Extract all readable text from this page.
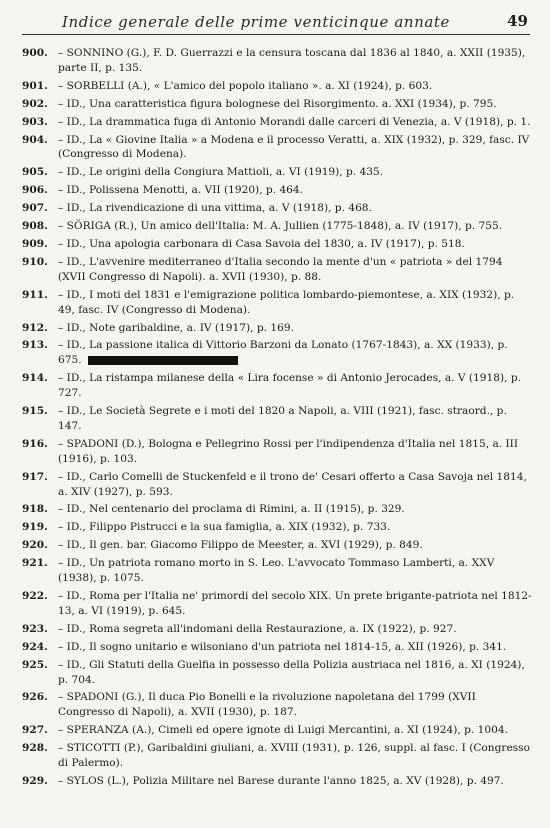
Indice generale delle prime venticinque annate	49
900. – SONNINO (G.), F. D. Guerrazzi e la censura toscana dal 1836 al 1840, a. XXII (1935), parte II, p. 135.
901. – SORBELLI (A.), « L'amico del popolo italiano ». a. XI (1924), p. 603.
902. – ID., Una caratteristica figura bolognese del Risorgimento. a. XXI (1934), p. 795.
903. – ID., La drammatica fuga di Antonio Morandi dalle carceri di Venezia, a. V (1918), p. 1.
904. – ID., La « Giovine Italia » a Modena e il processo Veratti, a. XIX (1932), p. 329, fasc. IV (Congresso di Modena).
905. – ID., Le origini della Congiura Mattioli, a. VI (1919), p. 435.
906. – ID., Polissena Menotti, a. VII (1920), p. 464.
907. – ID., La rivendicazione di una vittima, a. V (1918), p. 468.
908. – SÖRIGA (R.), Un amico dell'Italia: M. A. Jullien (1775-1848), a. IV (1917), p. 755.
909. – ID., Una apologia carbonara di Casa Savoia del 1830, a. IV (1917), p. 518.
910. – ID., L'avvenire mediterraneo d'Italia secondo la mente d'un « patriota » del 1794 (XVII Congresso di Napoli). a. XVII (1930), p. 88.
911. – ID., I moti del 1831 e l'emigrazione politica lombardo-piemontese, a. XIX (1932), p. 49, fasc. IV (Congresso di Modena).
912. – ID., Note garibaldine, a. IV (1917), p. 169.
913. – ID., La passione italica di Vittorio Barzoni da Lonato (1767-1843), a. XX (1933), p. 675.
914. – ID., La ristampa milanese della « Lira focense » di Antonio Jerocades, a. V (1918), p. 727.
915. – ID., Le Società Segrete e i moti del 1820 a Napoli, a. VIII (1921), fasc. straord., p. 147.
916. – SPADONI (D.), Bologna e Pellegrino Rossi per l'indipendenza d'Italia nel 1815, a. III (1916), p. 103.
917. – ID., Carlo Comelli de Stuckenfeld e il trono de' Cesari offerto a Casa Savoja nel 1814, a. XIV (1927), p. 593.
918. – ID., Nel centenario del proclama di Rimini, a. II (1915), p. 329.
919. – ID., Filippo Pistrucci e la sua famiglia, a. XIX (1932), p. 733.
920. – ID., Il gen. bar. Giacomo Filippo de Meester, a. XVI (1929), p. 849.
921. – ID., Un patriota romano morto in S. Leo. L'avvocato Tommaso Lamberti, a. XXV (1938), p. 1075.
922. – ID., Roma per l'Italia ne' primordi del secolo XIX. Un prete brigante-patriota nel 1812-13, a. VI (1919), p. 645.
923. – ID., Roma segreta all'indomani della Restaurazione, a. IX (1922), p. 927.
924. – ID., Il sogno unitario e wilsoniano d'un patriota nel 1814-15, a. XII (1926), p. 341.
925. – ID., Gli Statuti della Guelfia in possesso della Polizia austriaca nel 1816, a. XI (1924), p. 704.
926. – SPADONI (G.), Il duca Pio Bonelli e la rivoluzione napoletana del 1799 (XVII Congresso di Napoli), a. XVII (1930), p. 187.
927. – SPERANZA (A.), Cimeli ed opere ignote di Luigi Mercantini, a. XI (1924), p. 1004.
928. – STICOTTI (P.), Garibaldini giuliani, a. XVIII (1931), p. 126, suppl. al fasc. I (Congresso di Palermo).
929. – SYLOS (L.), Polizia Militare nel Barese durante l'anno 1825, a. XV (1928), p. 497.
